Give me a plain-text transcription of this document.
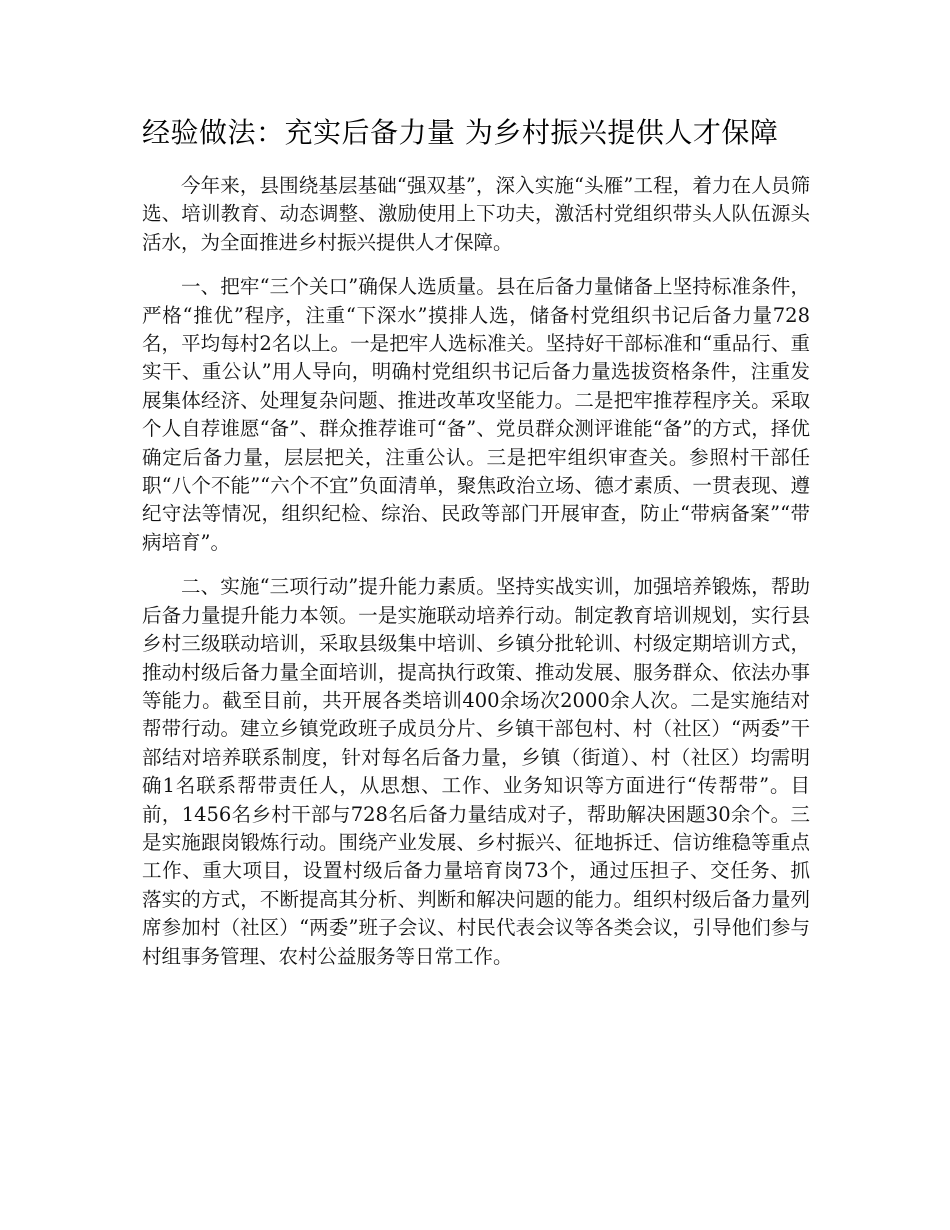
经验做法：充实后备力量 为乡村振兴提供人才保障

今年来，县围绕基层基础“强双基”，深入实施“头雁”工程，着力在人员筛选、培训教育、动态调整、激励使用上下功夫，激活村党组织带头人队伍源头活水，为全面推进乡村振兴提供人才保障。

一、把牢“三个关口”确保人选质量。县在后备力量储备上坚持标准条件，严格“推优”程序，注重“下深水”摸排人选，储备村党组织书记后备力量728名，平均每村2名以上。一是把牢人选标准关。坚持好干部标准和“重品行、重实干、重公认”用人导向，明确村党组织书记后备力量选拔资格条件，注重发展集体经济、处理复杂问题、推进改革攻坚能力。二是把牢推荐程序关。采取个人自荐谁愿“备”、群众推荐谁可“备”、党员群众测评谁能“备”的方式，择优确定后备力量，层层把关，注重公认。三是把牢组织审查关。参照村干部任职“八个不能”“六个不宜”负面清单，聚焦政治立场、德才素质、一贯表现、遵纪守法等情况，组织纪检、综治、民政等部门开展审查，防止“带病备案”“带病培育”。

二、实施“三项行动”提升能力素质。坚持实战实训，加强培养锻炼，帮助后备力量提升能力本领。一是实施联动培养行动。制定教育培训规划，实行县乡村三级联动培训，采取县级集中培训、乡镇分批轮训、村级定期培训方式，推动村级后备力量全面培训，提高执行政策、推动发展、服务群众、依法办事等能力。截至目前，共开展各类培训400余场次2000余人次。二是实施结对帮带行动。建立乡镇党政班子成员分片、乡镇干部包村、村（社区）“两委”干部结对培养联系制度，针对每名后备力量，乡镇（街道）、村（社区）均需明确1名联系帮带责任人，从思想、工作、业务知识等方面进行“传帮带”。目前，1456名乡村干部与728名后备力量结成对子，帮助解决困题30余个。三是实施跟岗锻炼行动。围绕产业发展、乡村振兴、征地拆迁、信访维稳等重点工作、重大项目，设置村级后备力量培育岗73个，通过压担子、交任务、抓落实的方式，不断提高其分析、判断和解决问题的能力。组织村级后备力量列席参加村（社区）“两委”班子会议、村民代表会议等各类会议，引导他们参与村组事务管理、农村公益服务等日常工作。
